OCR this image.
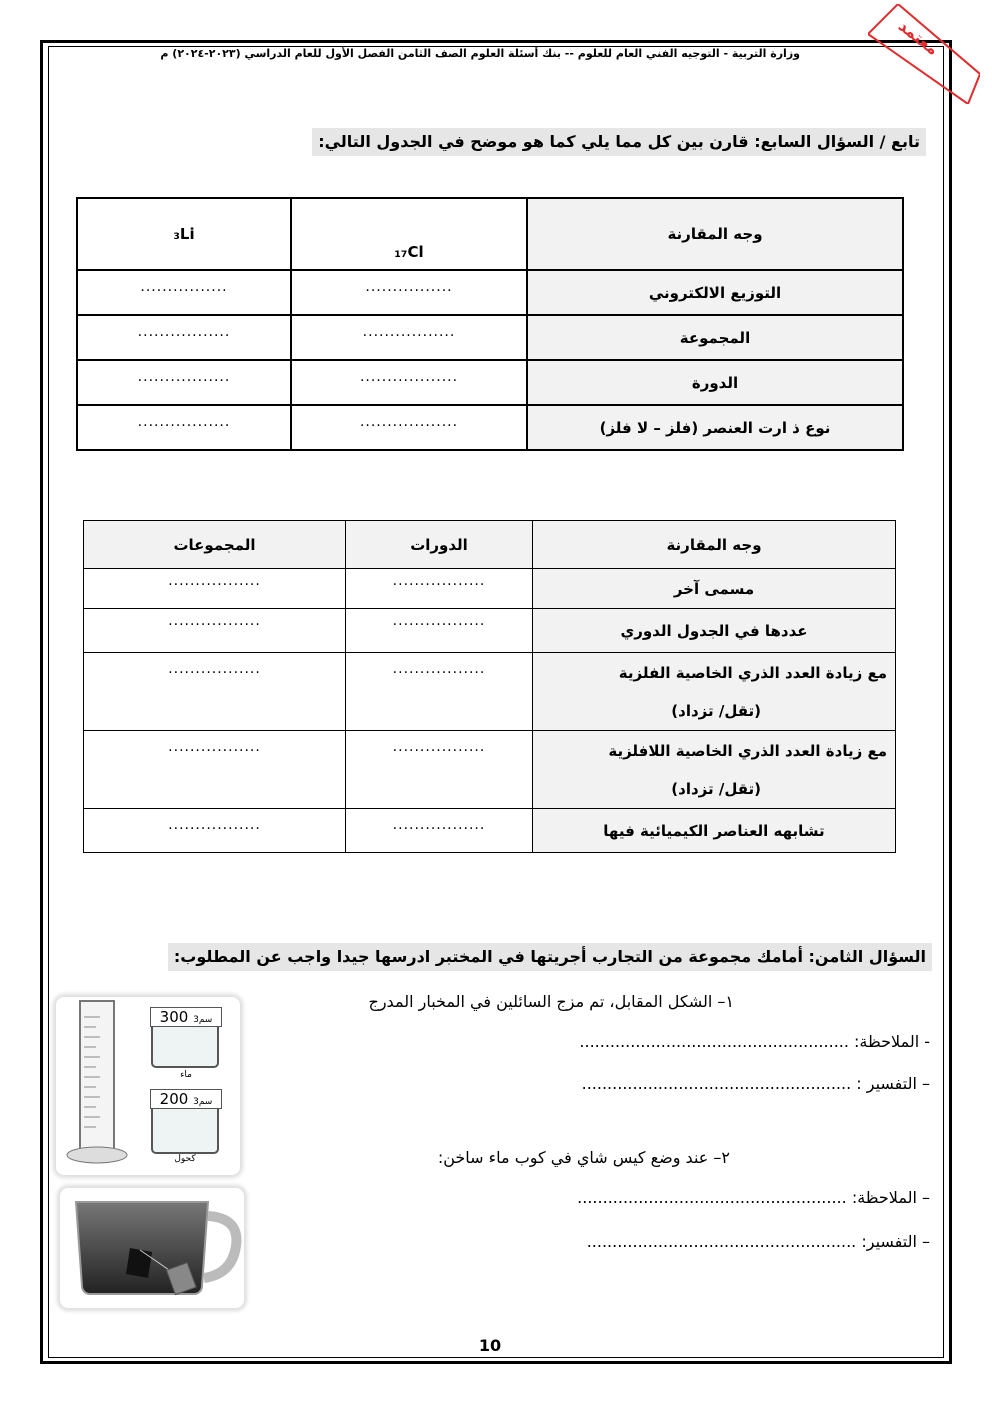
وزارة التربية - التوجيه الفني العام للعلوم -- بنك أسئلة العلوم الصف الثامن الفصل الأول للعام الدراسي (٢٠٢٣-٢٠٢٤) م	معتمد
تابع / السؤال السابع: قارن بين كل مما يلي كما هو موضح في الجدول التالي:
وجه المقارنة	₁₇Cl	₃Li
التوزيع الالكتروني	................	................
المجموعة	.................	.................
الدورة	..................	.................
نوع ذ ارت العنصر (فلز – لا فلز)	..................	.................
وجه المقارنة	الدورات	المجموعات
مسمى آخر	.................	.................
عددها في الجدول الدوري	.................	.................

مع زيادة العدد الذري الخاصية الفلزية
(تقل/ تزداد)	.................	.................

مع زيادة العدد الذري الخاصية اللافلزية
(تقل/ تزداد)	.................	.................
تشابهه العناصر الكيميائية فيها	.................	.................
السؤال الثامن: أمامك مجموعة من التجارب أجريتها في المختبر ادرسها جيدا واجب عن المطلوب:
١– الشكل المقابل، تم مزج السائلين في المخبار المدرج
- الملاحظة: .....................................................
– التفسير : .....................................................
٢– عند وضع كيس شاي في كوب ماء ساخن:
– الملاحظة: .....................................................
– التفسير: .....................................................
سم3 300
ماء
سم3 200
كحول
10
